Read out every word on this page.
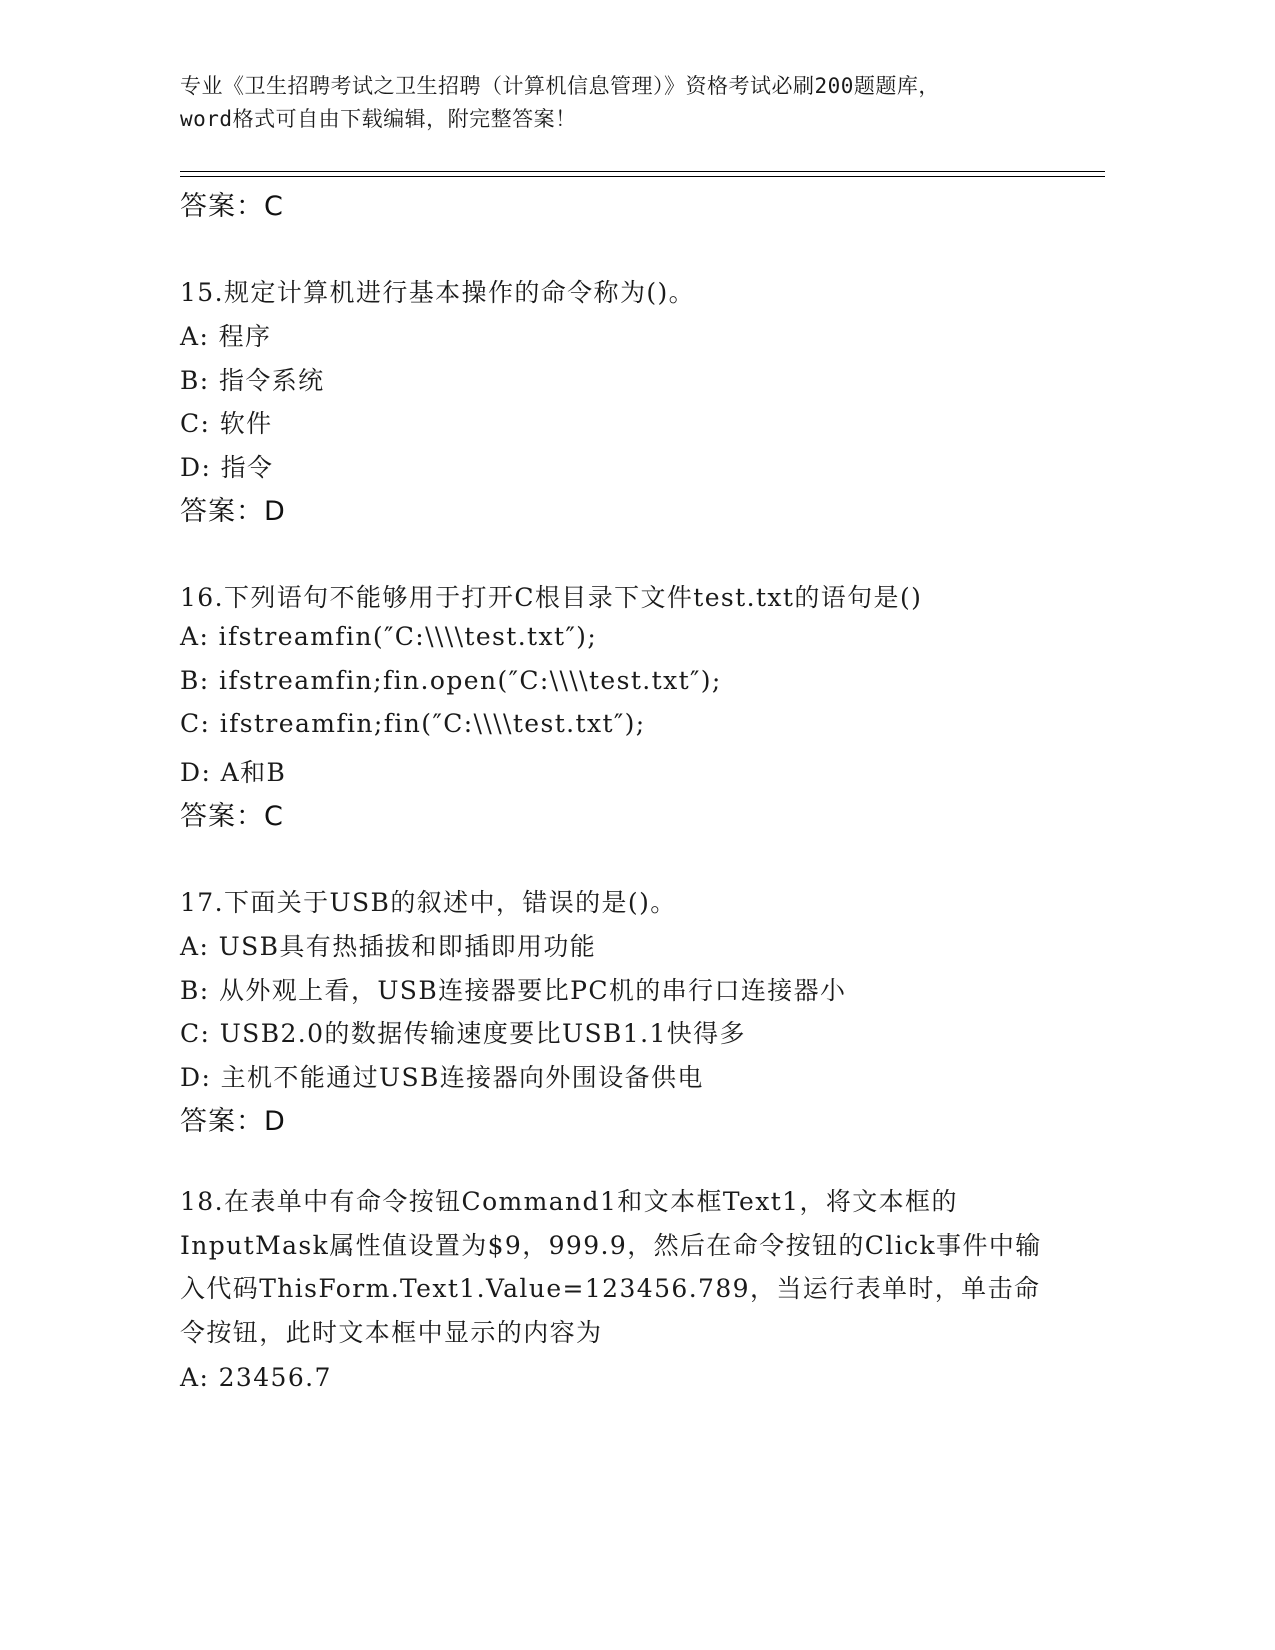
专业《卫生招聘考试之卫生招聘（计算机信息管理）》资格考试必刷200题题库，
word格式可自由下载编辑，附完整答案！
答案：C
15.规定计算机进行基本操作的命令称为()。
A: 程序
B: 指令系统
C: 软件
D: 指令
答案：D
16.下列语句不能够用于打开C根目录下文件test.txt的语句是()
A: ifstreamfin(″C:\\\\test.txt″);
B: ifstreamfin;fin.open(″C:\\\\test.txt″);
C: ifstreamfin;fin(″C:\\\\test.txt″);
D: A和B
答案：C
17.下面关于USB的叙述中，错误的是()。
A: USB具有热插拔和即插即用功能
B: 从外观上看，USB连接器要比PC机的串行口连接器小
C: USB2.0的数据传输速度要比USB1.1快得多
D: 主机不能通过USB连接器向外围设备供电
答案：D
18.在表单中有命令按钮Command1和文本框Text1，将文本框的InputMask属性值设置为$9，999.9，然后在命令按钮的Click事件中输入代码ThisForm.Text1.Value=123456.789，当运行表单时，单击命令按钮，此时文本框中显示的内容为
A: 23456.7
